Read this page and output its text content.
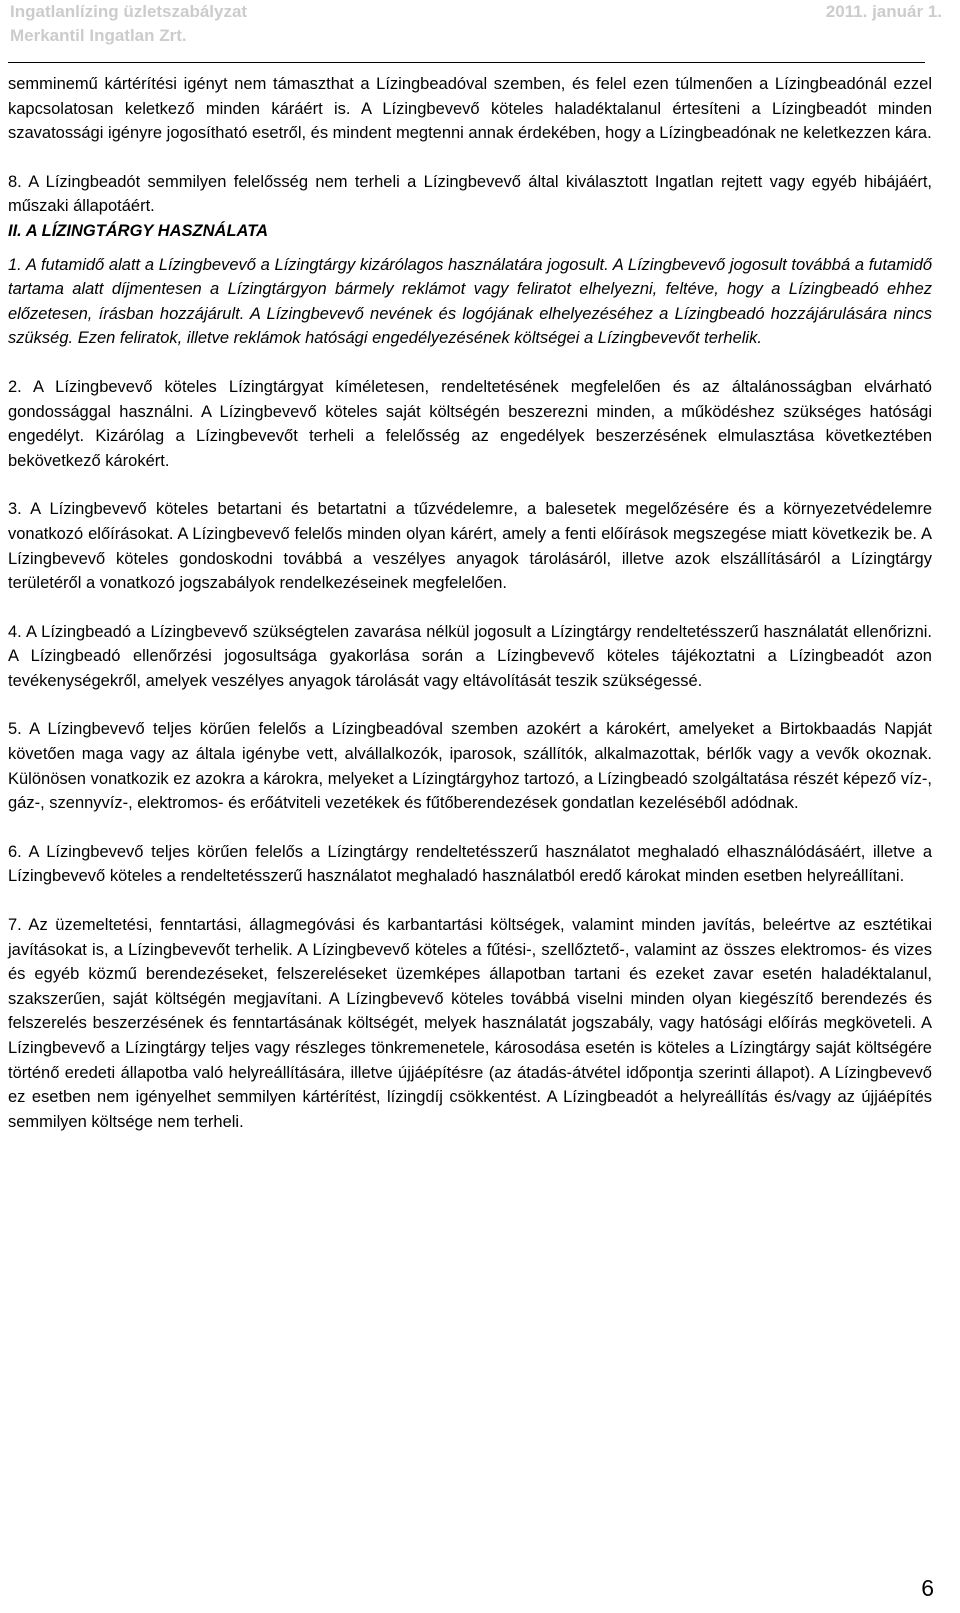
Ingatlanlízing üzletszabályzat
Merkantil Ingatlan Zrt.
2011. január 1.

semminemű kártérítési igényt nem támaszthat a Lízingbeadóval szemben, és felel ezen túlmenően a Lízingbeadónál ezzel kapcsolatosan keletkező minden káráért is. A Lízingbevevő köteles haladéktalanul értesíteni a Lízingbeadót minden szavatossági igényre jogosítható esetről, és mindent megtenni annak érdekében, hogy a Lízingbeadónak ne keletkezzen kára.

8. A Lízingbeadót semmilyen felelősség nem terheli a Lízingbevevő által kiválasztott Ingatlan rejtett vagy egyéb hibájáért, műszaki állapotáért.

II. A LÍZINGTÁRGY HASZNÁLATA

1. A futamidő alatt a Lízingbevevő a Lízingtárgy kizárólagos használatára jogosult. A Lízingbevevő jogosult továbbá a futamidő tartama alatt díjmentesen a Lízingtárgyon bármely reklámot vagy feliratot elhelyezni, feltéve, hogy a Lízingbeadó ehhez előzetesen, írásban hozzájárult. A Lízingbevevő nevének és logójának elhelyezéséhez a Lízingbeadó hozzájárulására nincs szükség. Ezen feliratok, illetve reklámok hatósági engedélyezésének költségei a Lízingbevevőt terhelik.

2. A Lízingbevevő köteles Lízingtárgyat kíméletesen, rendeltetésének megfelelően és az általánosságban elvárható gondossággal használni. A Lízingbevevő köteles saját költségén beszerezni minden, a működéshez szükséges hatósági engedélyt. Kizárólag a Lízingbevevőt terheli a felelősség az engedélyek beszerzésének elmulasztása következtében bekövetkező károkért.

3. A Lízingbevevő köteles betartani és betartatni a tűzvédelemre, a balesetek megelőzésére és a környezetvédelemre vonatkozó előírásokat. A Lízingbevevő felelős minden olyan kárért, amely a fenti előírások megszegése miatt következik be. A Lízingbevevő köteles gondoskodni továbbá a veszélyes anyagok tárolásáról, illetve azok elszállításáról a Lízingtárgy területéről a vonatkozó jogszabályok rendelkezéseinek megfelelően.

4. A Lízingbeadó a Lízingbevevő szükségtelen zavarása nélkül jogosult a Lízingtárgy rendeltetésszerű használatát ellenőrizni. A Lízingbeadó ellenőrzési jogosultsága gyakorlása során a Lízingbevevő köteles tájékoztatni a Lízingbeadót azon tevékenységekről, amelyek veszélyes anyagok tárolását vagy eltávolítását teszik szükségessé.

5. A Lízingbevevő teljes körűen felelős a Lízingbeadóval szemben azokért a károkért, amelyeket a Birtokbaadás Napját követően maga vagy az általa igénybe vett, alvállalkozók, iparosok, szállítók, alkalmazottak, bérlők vagy a vevők okoznak. Különösen vonatkozik ez azokra a károkra, melyeket a Lízingtárgyhoz tartozó, a Lízingbeadó szolgáltatása részét képező víz-, gáz-, szennyvíz-, elektromos- és erőátviteli vezetékek és fűtőberendezések gondatlan kezeléséből adódnak.

6. A Lízingbevevő teljes körűen felelős a Lízingtárgy rendeltetésszerű használatot meghaladó elhasználódásáért, illetve a Lízingbevevő köteles a rendeltetésszerű használatot meghaladó használatból eredő károkat minden esetben helyreállítani.

7. Az üzemeltetési, fenntartási, állagmegóvási és karbantartási költségek, valamint minden javítás, beleértve az esztétikai javításokat is, a Lízingbevevőt terhelik. A Lízingbevevő köteles a fűtési-, szellőztető-, valamint az összes elektromos- és vizes és egyéb közmű berendezéseket, felszereléseket üzemképes állapotban tartani és ezeket zavar esetén haladéktalanul, szakszerűen, saját költségén megjavítani. A Lízingbevevő köteles továbbá viselni minden olyan kiegészítő berendezés és felszerelés beszerzésének és fenntartásának költségét, melyek használatát jogszabály, vagy hatósági előírás megköveteli. A Lízingbevevő a Lízingtárgy teljes vagy részleges tönkremenetele, károsodása esetén is köteles a Lízingtárgy saját költségére történő eredeti állapotba való helyreállítására, illetve újjáépítésre (az átadás-átvétel időpontja szerinti állapot). A Lízingbevevő ez esetben nem igényelhet semmilyen kártérítést, lízingdíj csökkentést. A Lízingbeadót a helyreállítás és/vagy az újjáépítés semmilyen költsége nem terheli.

6
